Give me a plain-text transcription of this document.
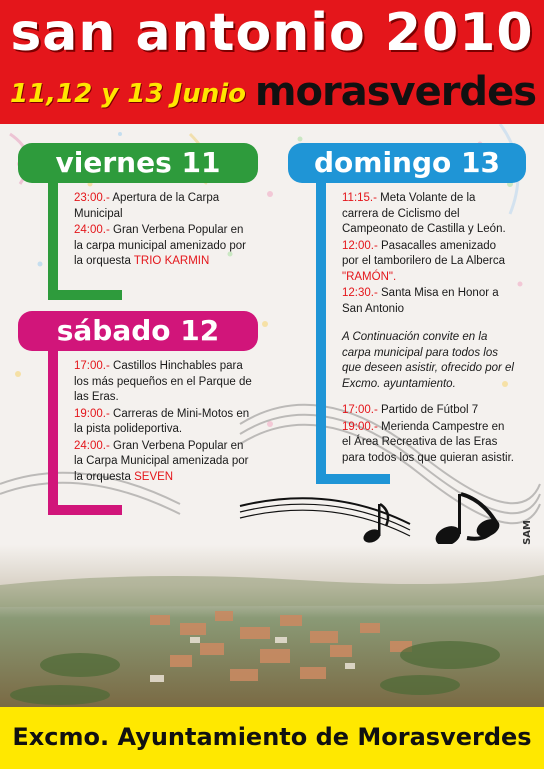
san antonio 2010
11,12 y 13 Junio morasverdes
viernes 11

23:00.- Apertura de la Carpa Municipal

24:00.- Gran Verbena Popular en la carpa municipal amenizado por la orquesta TRIO KARMIN

sábado 12

17:00.- Castillos Hinchables para los más pequeños en el Parque de las Eras.

19:00.- Carreras de Mini-Motos en la pista polideportiva.

24:00.- Gran Verbena Popular en la Carpa Municipal amenizada por la orquesta SEVEN

domingo 13

11:15.- Meta Volante de la carrera de Ciclismo del Campeonato de Castilla y León.

12:00.- Pasacalles amenizado por el tamborilero de La Alberca "RAMÓN".

12:30.- Santa Misa en Honor a San Antonio

A Continuación convite en la carpa municipal para todos los que deseen asistir, ofrecido por el Excmo. ayuntamiento.

17:00.- Partido de Fútbol 7

19:00.- Merienda Campestre en el Área Recreativa de las Eras para todos los que quieran asistir.

SAM
Excmo. Ayuntamiento de Morasverdes
